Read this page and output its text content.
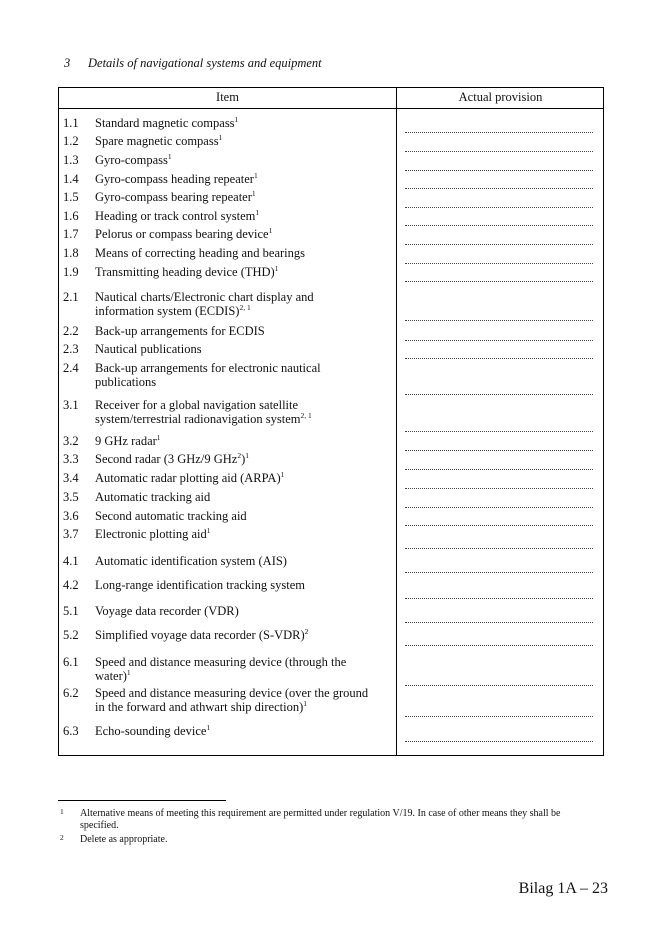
3 Details of navigational systems and equipment
Item	Actual provision
1.1 Standard magnetic compass$^1$
1.2 Spare magnetic compass$^1$
1.3 Gyro-compass$^1$
1.4 Gyro-compass heading repeater$^1$
1.5 Gyro-compass bearing repeater$^1$
1.6 Heading or track control system$^1$
1.7 Pelorus or compass bearing device$^1$
1.8 Means of correcting heading and bearings
1.9 Transmitting heading device (THD)$^1$
2.1 Nautical charts/Electronic chart display and
information system (ECDIS)$^{2, 1}$
2.2 Back-up arrangements for ECDIS
2.3 Nautical publications
2.4 Back-up arrangements for electronic nautical
publications
3.1 Receiver for a global navigation satellite
system/terrestrial radionavigation system$^{2, 1}$
3.2 9 GHz radar$^1$
3.3 Second radar (3 GHz/9 GHz$^2$)$^1$
3.4 Automatic radar plotting aid (ARPA)$^1$
3.5 Automatic tracking aid
3.6 Second automatic tracking aid
3.7 Electronic plotting aid$^1$
4.1 Automatic identification system (AIS)
4.2 Long-range identification tracking system
5.1 Voyage data recorder (VDR)
5.2 Simplified voyage data recorder $(S-VDR)^2$
6.1 Speed and distance measuring device (through the
water)$^1$
6.2 Speed and distance measuring device (over the ground
in the forward and athwart ship direction)$^1$
6.3 Echo-sounding device$^1$
1 Alternative means of meeting this requirement are permitted under regulation V/19. In case of other means they shall be specified.
2 Delete as appropriate.
Bilag 1A – 23
